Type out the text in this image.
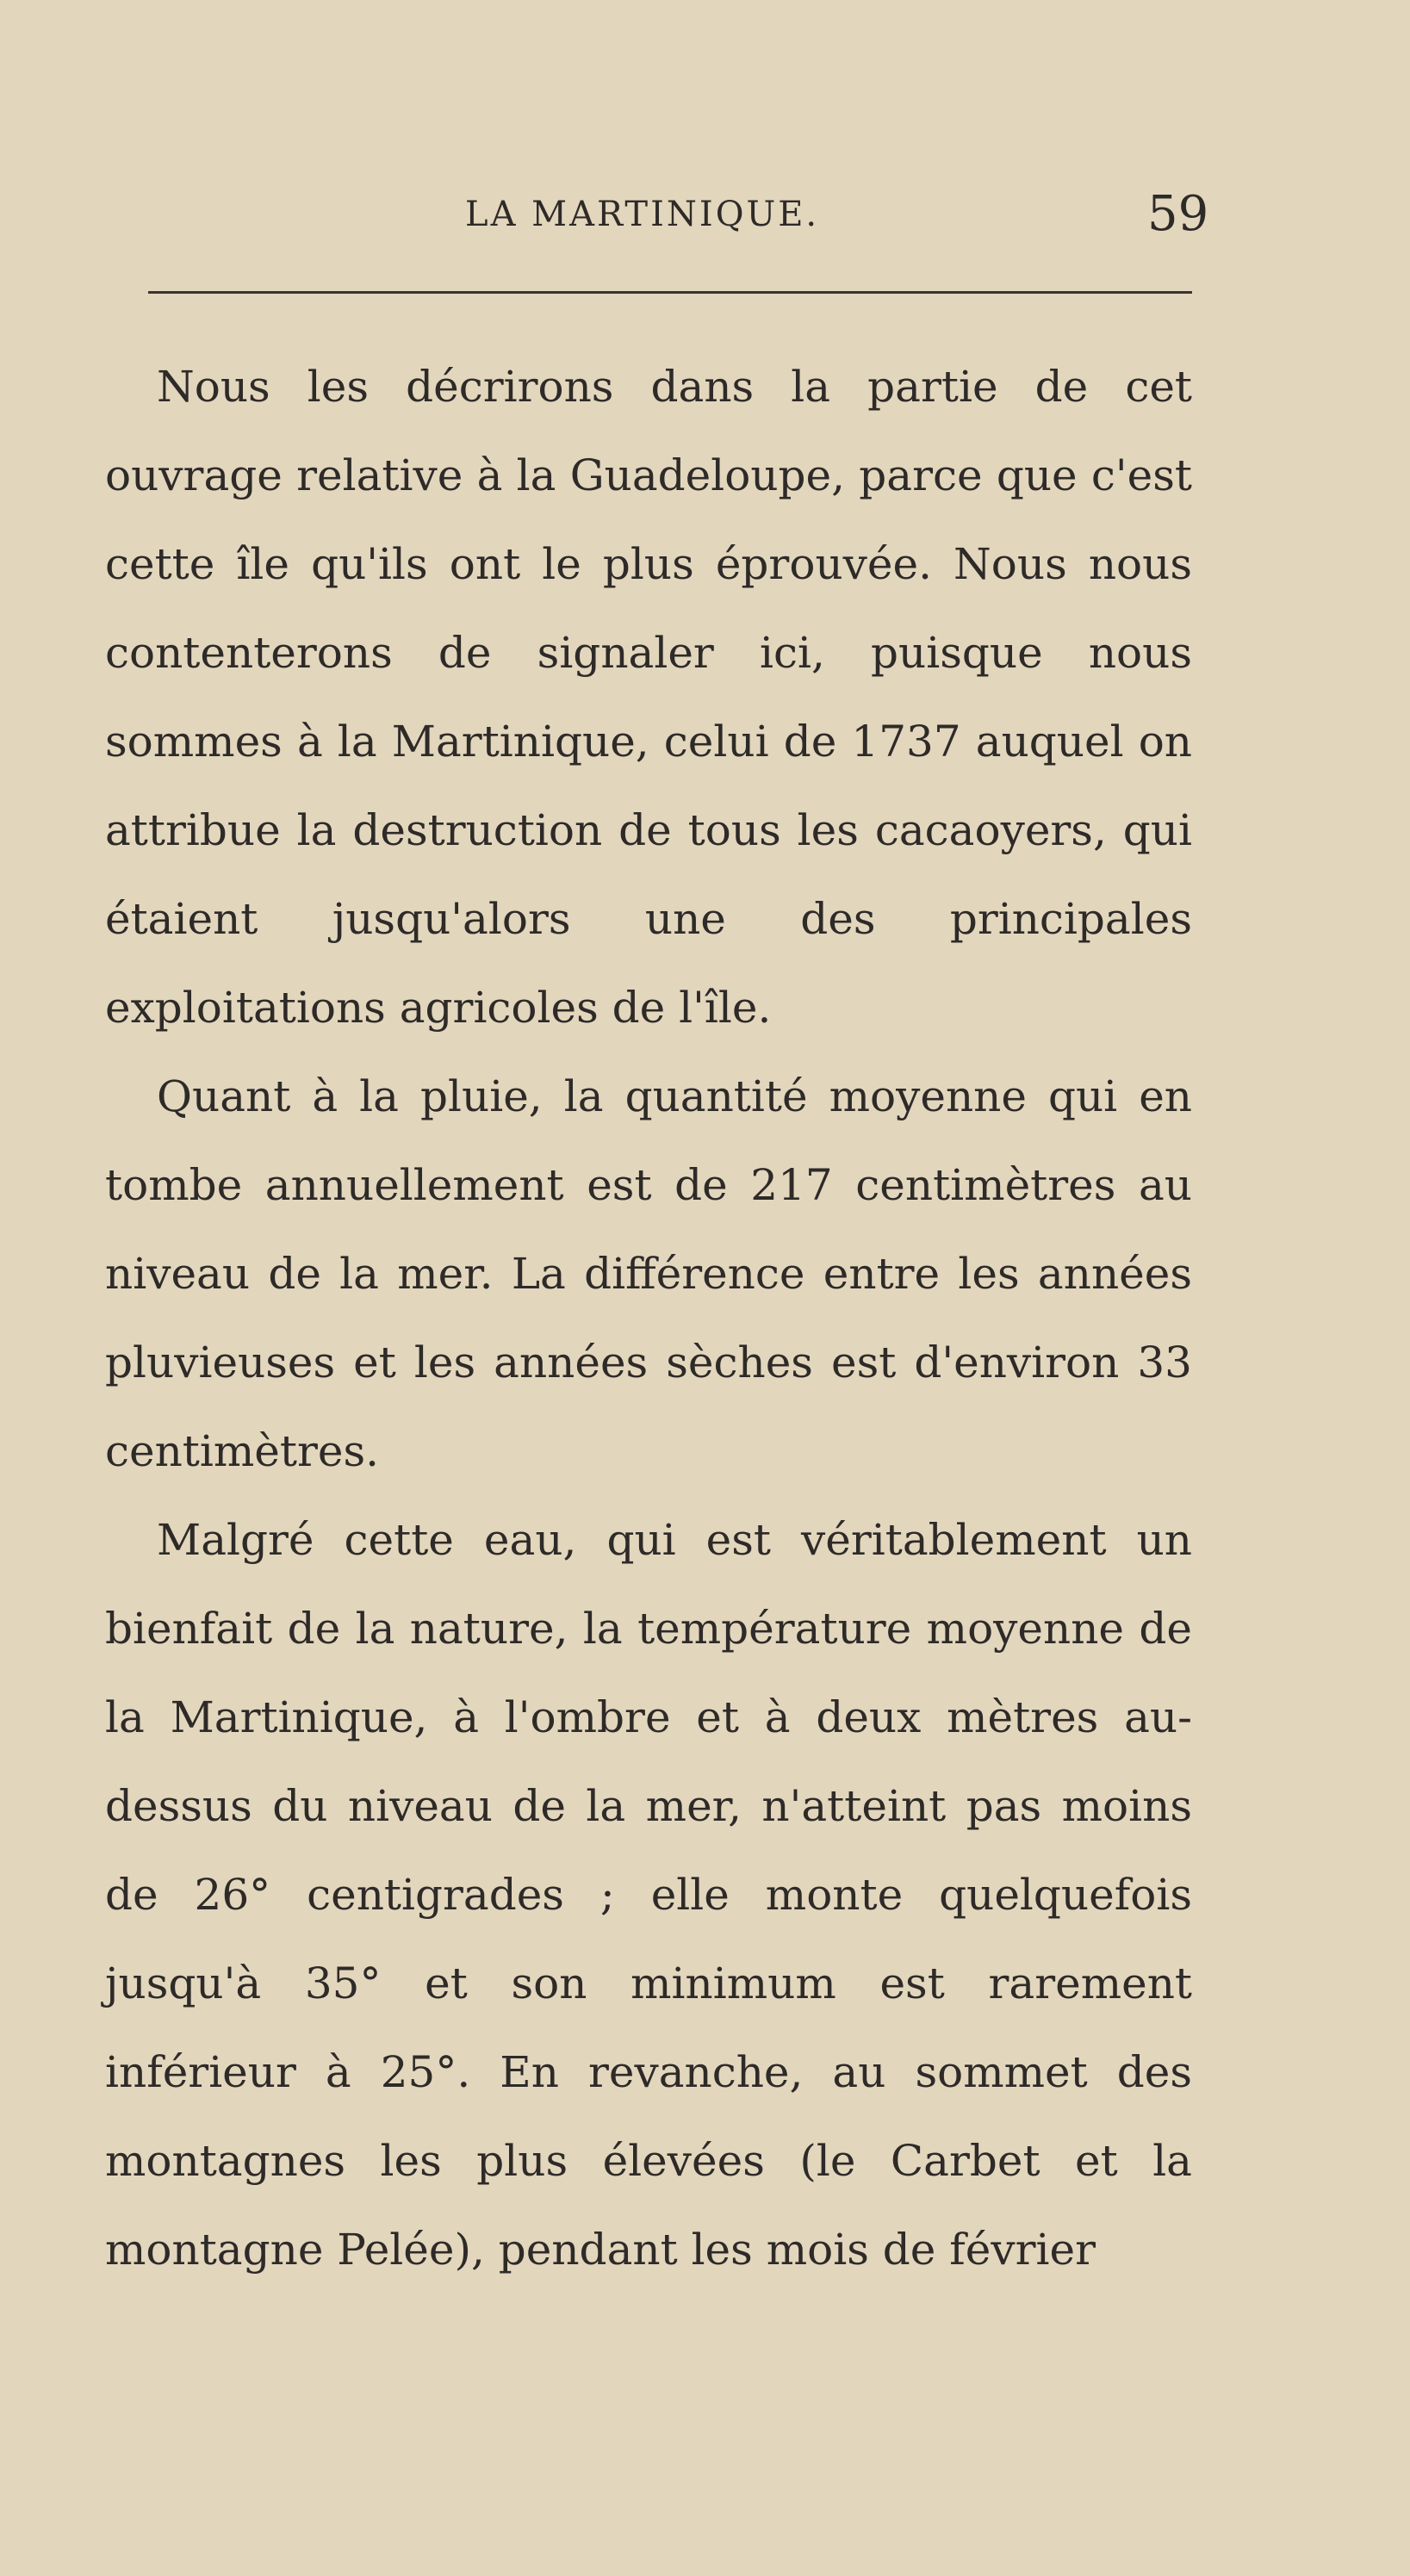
LA MARTINIQUE.	59

Nous les décrirons dans la partie de cet ouvrage relative à la Guadeloupe, parce que c'est cette île qu'ils ont le plus éprouvée. Nous nous contenterons de signaler ici, puisque nous sommes à la Martinique, celui de 1737 auquel on attribue la destruction de tous les cacaoyers, qui étaient jusqu'alors une des principales exploitations agricoles de l'île.

Quant à la pluie, la quantité moyenne qui en tombe annuellement est de 217 centimètres au niveau de la mer. La différence entre les années pluvieuses et les années sèches est d'environ 33 centimètres.

Malgré cette eau, qui est véritablement un bienfait de la nature, la température moyenne de la Martinique, à l'ombre et à deux mètres au-dessus du niveau de la mer, n'atteint pas moins de 26° centigrades ; elle monte quelquefois jusqu'à 35° et son minimum est rarement inférieur à 25°. En revanche, au sommet des montagnes les plus élevées (le Carbet et la montagne Pelée), pendant les mois de février
